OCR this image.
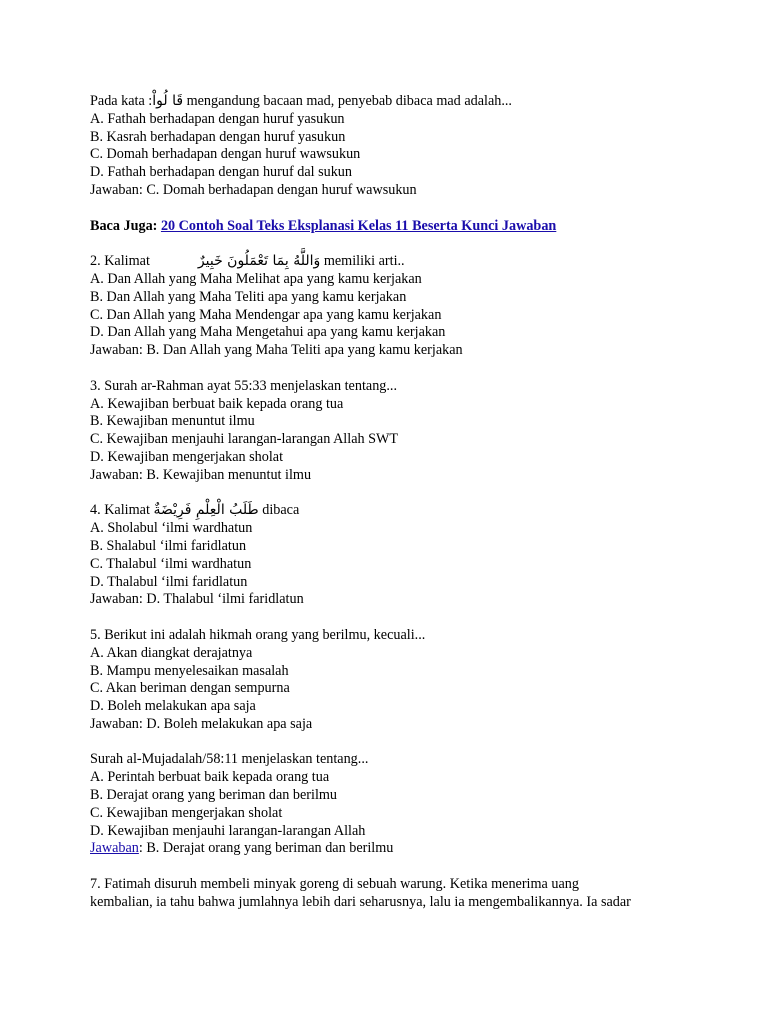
Pada kata :قَا لُواْ mengandung bacaan mad, penyebab dibaca mad adalah...
A. Fathah berhadapan dengan huruf yasukun
B. Kasrah berhadapan dengan huruf yasukun
C. Domah berhadapan dengan huruf wawsukun
D. Fathah berhadapan dengan huruf dal sukun
Jawaban: C. Domah berhadapan dengan huruf wawsukun
Baca Juga: 20 Contoh Soal Teks Eksplanasi Kelas 11 Beserta Kunci Jawaban
2. Kalimat	وَاللَّهُ بِمَا تَعْمَلُونَ خَبِيرٌ memiliki arti..
A. Dan Allah yang Maha Melihat apa yang kamu kerjakan
B. Dan Allah yang Maha Teliti apa yang kamu kerjakan
C. Dan Allah yang Maha Mendengar apa yang kamu kerjakan
D. Dan Allah yang Maha Mengetahui apa yang kamu kerjakan
Jawaban: B. Dan Allah yang Maha Teliti apa yang kamu kerjakan
3. Surah ar-Rahman ayat 55:33 menjelaskan tentang...
A. Kewajiban berbuat baik kepada orang tua
B. Kewajiban menuntut ilmu
C. Kewajiban menjauhi larangan-larangan Allah SWT
D. Kewajiban mengerjakan sholat
Jawaban: B. Kewajiban menuntut ilmu
4. Kalimat طَلَبُ الْعِلْمِ فَرِيْضَةٌ dibaca
A. Sholabul ‘ilmi wardhatun
B. Shalabul ‘ilmi faridlatun
C. Thalabul ‘ilmi wardhatun
D. Thalabul ‘ilmi faridlatun
Jawaban: D. Thalabul ‘ilmi faridlatun
5. Berikut ini adalah hikmah orang yang berilmu, kecuali...
A. Akan diangkat derajatnya
B. Mampu menyelesaikan masalah
C. Akan beriman dengan sempurna
D. Boleh melakukan apa saja
Jawaban: D. Boleh melakukan apa saja
Surah al-Mujadalah/58:11 menjelaskan tentang...
A. Perintah berbuat baik kepada orang tua
B. Derajat orang yang beriman dan berilmu
C. Kewajiban mengerjakan sholat
D. Kewajiban menjauhi larangan-larangan Allah
Jawaban: B. Derajat orang yang beriman dan berilmu
7. Fatimah disuruh membeli minyak goreng di sebuah warung. Ketika menerima uang
kembalian, ia tahu bahwa jumlahnya lebih dari seharusnya, lalu ia mengembalikannya. Ia sadar
